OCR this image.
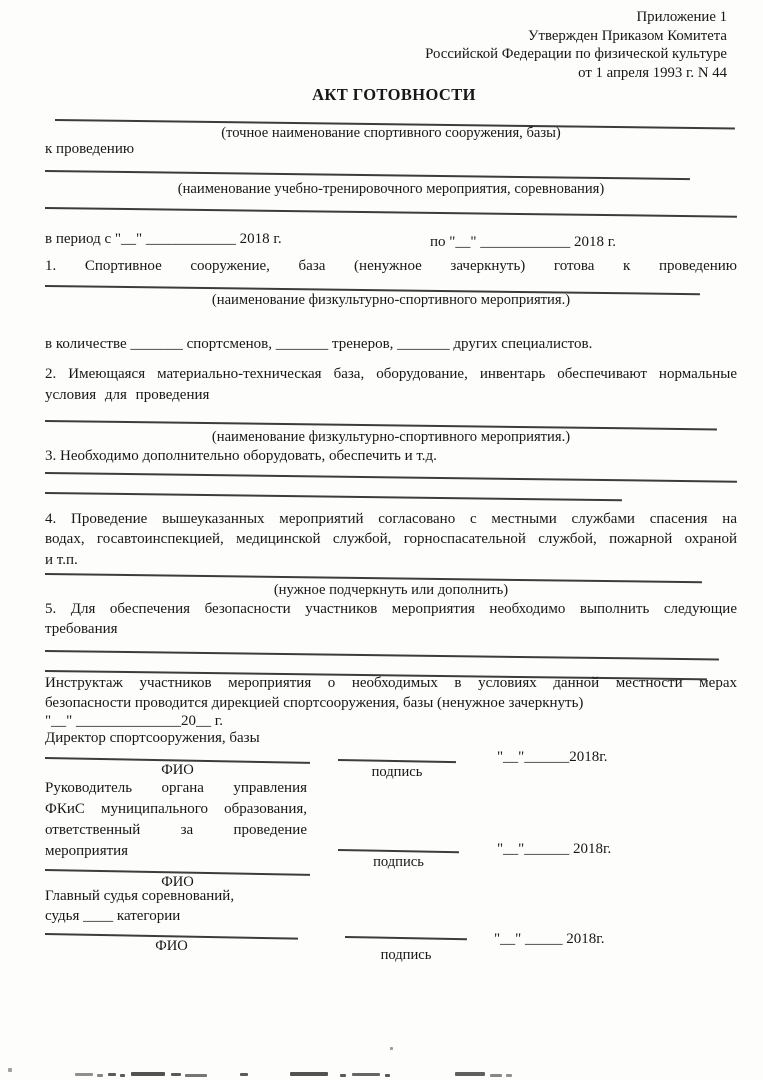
Приложение 1
Утвержден Приказом Комитета
Российской Федерации по физической культуре
от 1 апреля 1993 г. N 44
АКТ ГОТОВНОСТИ
(точное наименование спортивного сооружения, базы)
к проведению
(наименование учебно-тренировочного мероприятия, соревнования)
в период с "__" ____________ 2018 г.	по "__" ____________ 2018 г.
1. Спортивное сооружение, база (ненужное зачеркнуть) готова к проведению
(наименование физкультурно-спортивного мероприятия.)
в количестве _______ спортсменов, _______ тренеров, _______ других специалистов.
2. Имеющаяся материально-техническая база, оборудование, инвентарь обеспечивают нормальные
условия для проведения
(наименование физкультурно-спортивного мероприятия.)
3. Необходимо дополнительно оборудовать, обеспечить и т.д.
4. Проведение вышеуказанных мероприятий согласовано с местными службами спасения на
водах, госавтоинспекцией, медицинской службой, горноспасательной службой, пожарной охраной
и т.п.
(нужное подчеркнуть или дополнить)
5. Для обеспечения безопасности участников мероприятия необходимо выполнить следующие
требования
Инструктаж участников мероприятия о необходимых в условиях данной местности мерах
безопасности проводится дирекцией спортсооружения, базы (ненужное зачеркнуть)
"__" ______________20__ г.
Директор спортсооружения, базы
ФИО	подпись
"__"______2018г.
Руководитель органа управления
ФКиС муниципального образования,
ответственный за проведение
мероприятия
подпись
"__"______ 2018г.
ФИО
Главный судья соревнований,
судья ____ категории
ФИО
подпись
"__" _____ 2018г.
